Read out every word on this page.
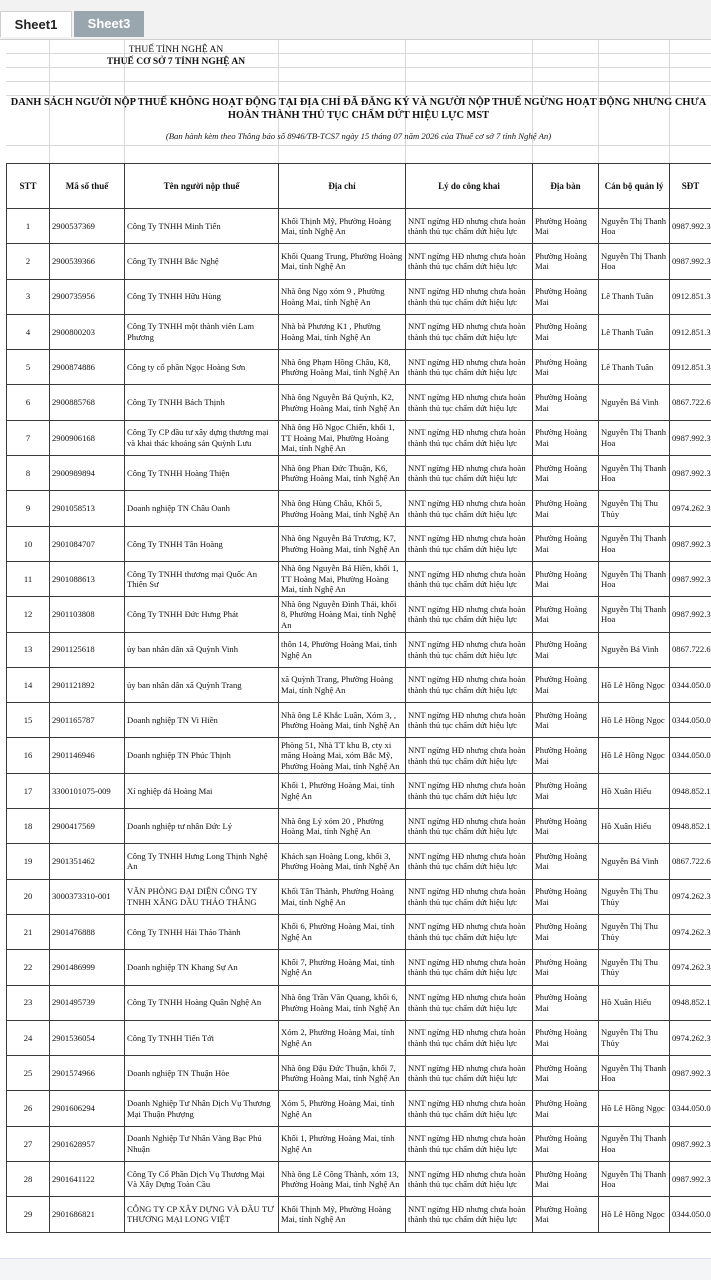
Sheet1	Sheet3
THUẾ TỈNH NGHỆ AN
THUẾ CƠ SỞ 7 TỈNH NGHỆ AN
DANH SÁCH NGƯỜI NỘP THUẾ KHÔNG HOẠT ĐỘNG TẠI ĐỊA CHỈ ĐÃ ĐĂNG KÝ VÀ NGƯỜI NỘP THUẾ NGỪNG HOẠT ĐỘNG NHƯNG CHƯA HOÀN THÀNH THỦ TỤC CHẤM DỨT HIỆU LỰC MST
(Ban hành kèm theo Thông báo số 8946/TB-TCS7 ngày 15 tháng 07 năm 2026 của Thuế cơ sở 7 tỉnh Nghệ An)
STT	Mã số thuế	Tên người nộp thuế	Địa chỉ	Lý do công khai	Địa bàn	Cán bộ quản lý	SĐT
1	2900537369	Công Ty TNHH Minh Tiến	Khối Thịnh Mỹ, Phường Hoàng Mai, tỉnh Nghệ An	NNT ngừng HĐ nhưng chưa hoàn thành thủ tục chấm dứt hiệu lực	Phường Hoàng Mai	Nguyễn Thị Thanh Hoa	0987.992.3
2	2900539366	Công Ty TNHH Bắc Nghệ	Khối Quang Trung, Phường Hoàng Mai, tỉnh Nghệ An	NNT ngừng HĐ nhưng chưa hoàn thành thủ tục chấm dứt hiệu lực	Phường Hoàng Mai	Nguyễn Thị Thanh Hoa	0987.992.3
3	2900735956	Công Ty TNHH Hữu Hùng	Nhà ông Ngọ xóm 9 , Phường Hoàng Mai, tỉnh Nghệ An	NNT ngừng HĐ nhưng chưa hoàn thành thủ tục chấm dứt hiệu lực	Phường Hoàng Mai	Lê Thanh Tuân	0912.851.3
4	2900800203	Công Ty TNHH một thành viên Lam Phương	Nhà bà Phương K1 , Phường Hoàng Mai, tỉnh Nghệ An	NNT ngừng HĐ nhưng chưa hoàn thành thủ tục chấm dứt hiệu lực	Phường Hoàng Mai	Lê Thanh Tuân	0912.851.3
5	2900874886	Công ty cổ phần Ngọc Hoàng Sơn	Nhà ông Phạm Hồng Châu, K8, Phường Hoàng Mai, tỉnh Nghệ An	NNT ngừng HĐ nhưng chưa hoàn thành thủ tục chấm dứt hiệu lực	Phường Hoàng Mai	Lê Thanh Tuân	0912.851.3
6	2900885768	Công Ty TNHH Bách Thịnh	Nhà ông Nguyễn Bá Quỳnh, K2, Phường Hoàng Mai, tỉnh Nghệ An	NNT ngừng HĐ nhưng chưa hoàn thành thủ tục chấm dứt hiệu lực	Phường Hoàng Mai	Nguyễn Bá Vinh	0867.722.6
7	2900906168	Công Ty CP đầu tư xây dựng thương mại và khai thác khoáng sản Quỳnh Lưu	Nhà ông Hồ Ngọc Chiến, khối 1, TT Hoàng Mai, Phường Hoàng Mai, tỉnh Nghệ An	NNT ngừng HĐ nhưng chưa hoàn thành thủ tục chấm dứt hiệu lực	Phường Hoàng Mai	Nguyễn Thị Thanh Hoa	0987.992.3
8	2900989894	Công Ty TNHH Hoàng Thiện	Nhà ông Phan Đức Thuận, K6, Phường Hoàng Mai, tỉnh Nghệ An	NNT ngừng HĐ nhưng chưa hoàn thành thủ tục chấm dứt hiệu lực	Phường Hoàng Mai	Nguyễn Thị Thanh Hoa	0987.992.3
9	2901058513	Doanh nghiệp TN Châu Oanh	Nhà ông Hùng Châu, Khối 5, Phường Hoàng Mai, tỉnh Nghệ An	NNT ngừng HĐ nhưng chưa hoàn thành thủ tục chấm dứt hiệu lực	Phường Hoàng Mai	Nguyễn Thị Thu Thủy	0974.262.3
10	2901084707	Công Ty TNHH Tân Hoàng	Nhà ông Nguyễn Bá Trương, K7, Phường Hoàng Mai, tỉnh Nghệ An	NNT ngừng HĐ nhưng chưa hoàn thành thủ tục chấm dứt hiệu lực	Phường Hoàng Mai	Nguyễn Thị Thanh Hoa	0987.992.3
11	2901088613	Công Ty TNHH thương mại Quốc An Thiên Sư	Nhà ông Nguyễn Bá Hiền, khối 1, TT Hoàng Mai, Phường Hoàng Mai, tỉnh Nghệ An	NNT ngừng HĐ nhưng chưa hoàn thành thủ tục chấm dứt hiệu lực	Phường Hoàng Mai	Nguyễn Thị Thanh Hoa	0987.992.3
12	2901103808	Công Ty TNHH Đức Hưng Phát	Nhà ông Nguyễn Đình Thái, khối 8, Phường Hoàng Mai, tỉnh Nghệ An	NNT ngừng HĐ nhưng chưa hoàn thành thủ tục chấm dứt hiệu lực	Phường Hoàng Mai	Nguyễn Thị Thanh Hoa	0987.992.3
13	2901125618	ủy ban nhân dân xã Quỳnh Vinh	thôn 14, Phường Hoàng Mai, tỉnh Nghệ An	NNT ngừng HĐ nhưng chưa hoàn thành thủ tục chấm dứt hiệu lực	Phường Hoàng Mai	Nguyễn Bá Vinh	0867.722.6
14	2901121892	ủy ban nhân dân xã Quỳnh Trang	xã Quỳnh Trang, Phường Hoàng Mai, tỉnh Nghệ An	NNT ngừng HĐ nhưng chưa hoàn thành thủ tục chấm dứt hiệu lực	Phường Hoàng Mai	Hồ Lê Hồng Ngọc	0344.050.0
15	2901165787	Doanh nghiệp TN Vi Hiền	Nhà ông Lê Khắc Luân, Xóm 3, , Phường Hoàng Mai, tỉnh Nghệ An	NNT ngừng HĐ nhưng chưa hoàn thành thủ tục chấm dứt hiệu lực	Phường Hoàng Mai	Hồ Lê Hồng Ngọc	0344.050.0
16	2901146946	Doanh nghiệp TN Phúc Thịnh	Phòng 51, Nhà TT khu B, cty xi măng Hoàng Mai, xóm Bắc Mỹ, Phường Hoàng Mai, tỉnh Nghệ An	NNT ngừng HĐ nhưng chưa hoàn thành thủ tục chấm dứt hiệu lực	Phường Hoàng Mai	Hồ Lê Hồng Ngọc	0344.050.0
17	3300101075-009	Xí nghiệp đá Hoàng Mai	Khối 1, Phường Hoàng Mai, tỉnh Nghệ An	NNT ngừng HĐ nhưng chưa hoàn thành thủ tục chấm dứt hiệu lực	Phường Hoàng Mai	Hồ Xuân Hiếu	0948.852.1
18	2900417569	Doanh nghiệp tư nhân Đức Lý	Nhà ông Lý xóm 20 , Phường Hoàng Mai, tỉnh Nghệ An	NNT ngừng HĐ nhưng chưa hoàn thành thủ tục chấm dứt hiệu lực	Phường Hoàng Mai	Hồ Xuân Hiếu	0948.852.1
19	2901351462	Công Ty TNHH Hưng Long Thịnh Nghệ An	Khách sạn Hoàng Long, khối 3, Phường Hoàng Mai, tỉnh Nghệ An	NNT ngừng HĐ nhưng chưa hoàn thành thủ tục chấm dứt hiệu lực	Phường Hoàng Mai	Nguyễn Bá Vinh	0867.722.6
20	3000373310-001	VĂN PHÒNG ĐẠI DIỆN CÔNG TY TNHH XĂNG DẦU THẢO THẮNG	Khối Tân Thành, Phường Hoàng Mai, tỉnh Nghệ An	NNT ngừng HĐ nhưng chưa hoàn thành thủ tục chấm dứt hiệu lực	Phường Hoàng Mai	Nguyễn Thị Thu Thủy	0974.262.3
21	2901476888	Công Ty TNHH Hải Thảo Thành	Khối 6, Phường Hoàng Mai, tỉnh Nghệ An	NNT ngừng HĐ nhưng chưa hoàn thành thủ tục chấm dứt hiệu lực	Phường Hoàng Mai	Nguyễn Thị Thu Thủy	0974.262.3
22	2901486999	Doanh nghiệp TN Khang Sự An	Khối 7, Phường Hoàng Mai, tỉnh Nghệ An	NNT ngừng HĐ nhưng chưa hoàn thành thủ tục chấm dứt hiệu lực	Phường Hoàng Mai	Nguyễn Thị Thu Thủy	0974.262.3
23	2901495739	Công Ty TNHH Hoàng Quân Nghệ An	Nhà ông Trần Văn Quang, khối 6, Phường Hoàng Mai, tỉnh Nghệ An	NNT ngừng HĐ nhưng chưa hoàn thành thủ tục chấm dứt hiệu lực	Phường Hoàng Mai	Hồ Xuân Hiếu	0948.852.1
24	2901536054	Công Ty TNHH Tiến Tới	Xóm 2, Phường Hoàng Mai, tỉnh Nghệ An	NNT ngừng HĐ nhưng chưa hoàn thành thủ tục chấm dứt hiệu lực	Phường Hoàng Mai	Nguyễn Thị Thu Thủy	0974.262.3
25	2901574966	Doanh nghiệp TN Thuận Hòe	Nhà ông Đậu Đức Thuận, khối 7, Phường Hoàng Mai, tỉnh Nghệ An	NNT ngừng HĐ nhưng chưa hoàn thành thủ tục chấm dứt hiệu lực	Phường Hoàng Mai	Nguyễn Thị Thanh Hoa	0987.992.3
26	2901606294	Doanh Nghiệp Tư Nhân Dịch Vụ Thương Mại Thuận Phượng	Xóm 5, Phường Hoàng Mai, tỉnh Nghệ An	NNT ngừng HĐ nhưng chưa hoàn thành thủ tục chấm dứt hiệu lực	Phường Hoàng Mai	Hồ Lê Hồng Ngọc	0344.050.0
27	2901628957	Doanh Nghiệp Tư Nhân Vàng Bạc Phú Nhuận	Khối 1, Phường Hoàng Mai, tỉnh Nghệ An	NNT ngừng HĐ nhưng chưa hoàn thành thủ tục chấm dứt hiệu lực	Phường Hoàng Mai	Nguyễn Thị Thanh Hoa	0987.992.3
28	2901641122	Công Ty Cổ Phần Dịch Vụ Thương Mại Và Xây Dựng Toàn Cầu	Nhà ông Lê Công Thành, xóm 13, Phường Hoàng Mai, tỉnh Nghệ An	NNT ngừng HĐ nhưng chưa hoàn thành thủ tục chấm dứt hiệu lực	Phường Hoàng Mai	Nguyễn Thị Thanh Hoa	0987.992.3
29	2901686821	CÔNG TY CP XÂY DỰNG VÀ ĐẦU TƯ THƯƠNG MẠI LONG VIỆT	Khối Thịnh Mỹ, Phường Hoàng Mai, tỉnh Nghệ An	NNT ngừng HĐ nhưng chưa hoàn thành thủ tục chấm dứt hiệu lực	Phường Hoàng Mai	Hồ Lê Hồng Ngọc	0344.050.0
